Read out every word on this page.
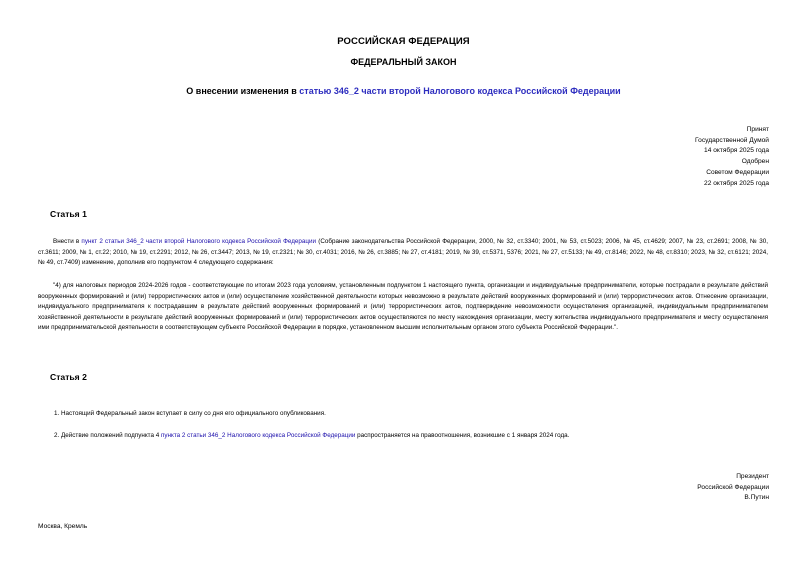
РОССИЙСКАЯ ФЕДЕРАЦИЯ
ФЕДЕРАЛЬНЫЙ ЗАКОН
О внесении изменения в статью 346_2 части второй Налогового кодекса Российской Федерации
Принят
Государственной Думой
14 октября 2025 года
Одобрен
Советом Федерации
22 октября 2025 года
Статья 1
Внести в пункт 2 статьи 346_2 части второй Налогового кодекса Российской Федерации (Собрание законодательства Российской Федерации, 2000, № 32, ст.3340; 2001, № 53, ст.5023; 2006, № 45, ст.4629; 2007, № 23, ст.2691; 2008, № 30, ст.3611; 2009, № 1, ст.22; 2010, № 19, ст.2291; 2012, № 26, ст.3447; 2013, № 19, ст.2321; № 30, ст.4031; 2016, № 26, ст.3885; № 27, ст.4181; 2019, № 39, ст.5371, 5376; 2021, № 27, ст.5133; № 49, ст.8146; 2022, № 48, ст.8310; 2023, № 32, ст.6121; 2024, № 49, ст.7409) изменение, дополнив его подпунктом 4 следующего содержания:
"4) для налоговых периодов 2024-2026 годов - соответствующие по итогам 2023 года условиям, установленным подпунктом 1 настоящего пункта, организации и индивидуальные предприниматели, которые пострадали в результате действий вооруженных формирований и (или) террористических актов и (или) осуществление хозяйственной деятельности которых невозможно в результате действий вооруженных формирований и (или) террористических актов. Отнесение организации, индивидуального предпринимателя к пострадавшим в результате действий вооруженных формирований и (или) террористических актов, подтверждение невозможности осуществления организацией, индивидуальным предпринимателем хозяйственной деятельности в результате действий вооруженных формирований и (или) террористических актов осуществляются по месту нахождения организации, месту жительства индивидуального предпринимателя и месту осуществления ими предпринимательской деятельности в соответствующем субъекте Российской Федерации в порядке, установленном высшим исполнительным органом этого субъекта Российской Федерации.".
Статья 2
1. Настоящий Федеральный закон вступает в силу со дня его официального опубликования.
2. Действие положений подпункта 4 пункта 2 статьи 346_2 Налогового кодекса Российской Федерации распространяется на правоотношения, возникшие с 1 января 2024 года.
Президент
Российской Федерации
В.Путин
Москва, Кремль
